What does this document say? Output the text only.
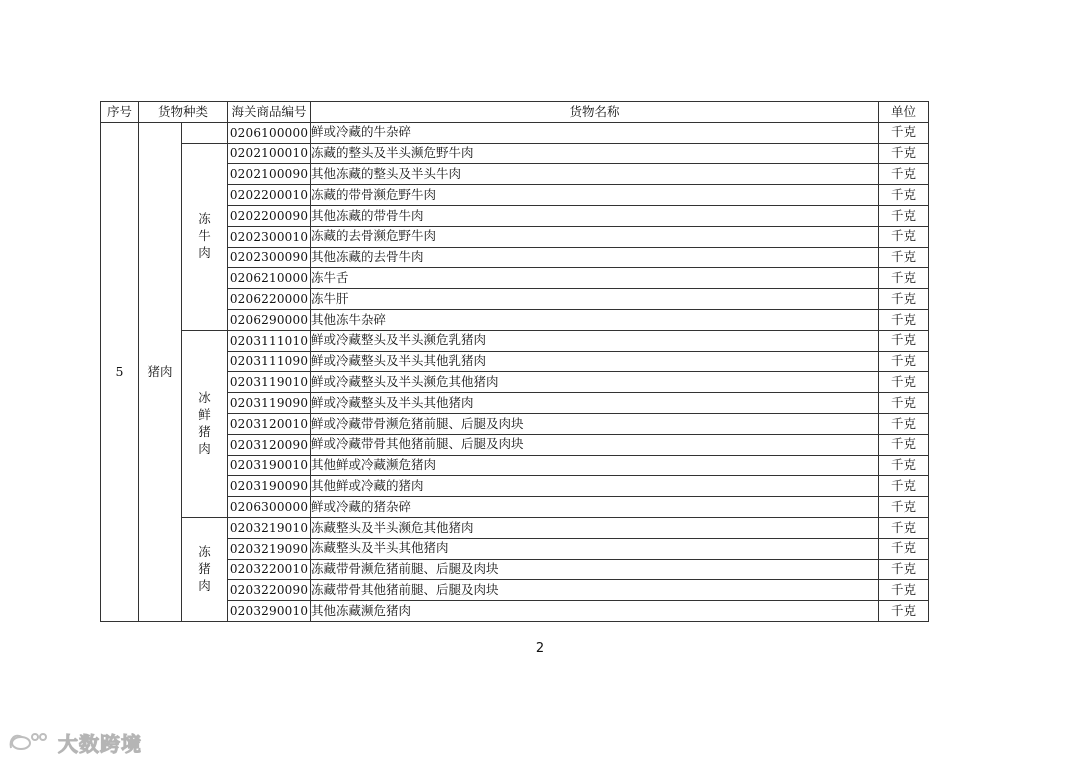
序号	货物种类		海关商品编号	货物名称	单位
5	猪肉		0206100000	鲜或冷藏的牛杂碎	千克

		冻牛肉	0202100010	冻藏的整头及半头濒危野牛肉	千克
			0202100090	其他冻藏的整头及半头牛肉	千克
			0202200010	冻藏的带骨濒危野牛肉	千克
			0202200090	其他冻藏的带骨牛肉	千克
			0202300010	冻藏的去骨濒危野牛肉	千克
			0202300090	其他冻藏的去骨牛肉	千克
			0206210000	冻牛舌	千克
			0206220000	冻牛肝	千克
			0206290000	其他冻牛杂碎	千克

		冰鲜猪肉	0203111010	鲜或冷藏整头及半头濒危乳猪肉	千克
			0203111090	鲜或冷藏整头及半头其他乳猪肉	千克
			0203119010	鲜或冷藏整头及半头濒危其他猪肉	千克
			0203119090	鲜或冷藏整头及半头其他猪肉	千克
			0203120010	鲜或冷藏带骨濒危猪前腿、后腿及肉块	千克
			0203120090	鲜或冷藏带骨其他猪前腿、后腿及肉块	千克
			0203190010	其他鲜或冷藏濒危猪肉	千克
			0203190090	其他鲜或冷藏的猪肉	千克
			0206300000	鲜或冷藏的猪杂碎	千克

		冻猪肉	0203219010	冻藏整头及半头濒危其他猪肉	千克
			0203219090	冻藏整头及半头其他猪肉	千克
			0203220010	冻藏带骨濒危猪前腿、后腿及肉块	千克
			0203220090	冻藏带骨其他猪前腿、后腿及肉块	千克
			0203290010	其他冻藏濒危猪肉	千克
2
大数跨境
